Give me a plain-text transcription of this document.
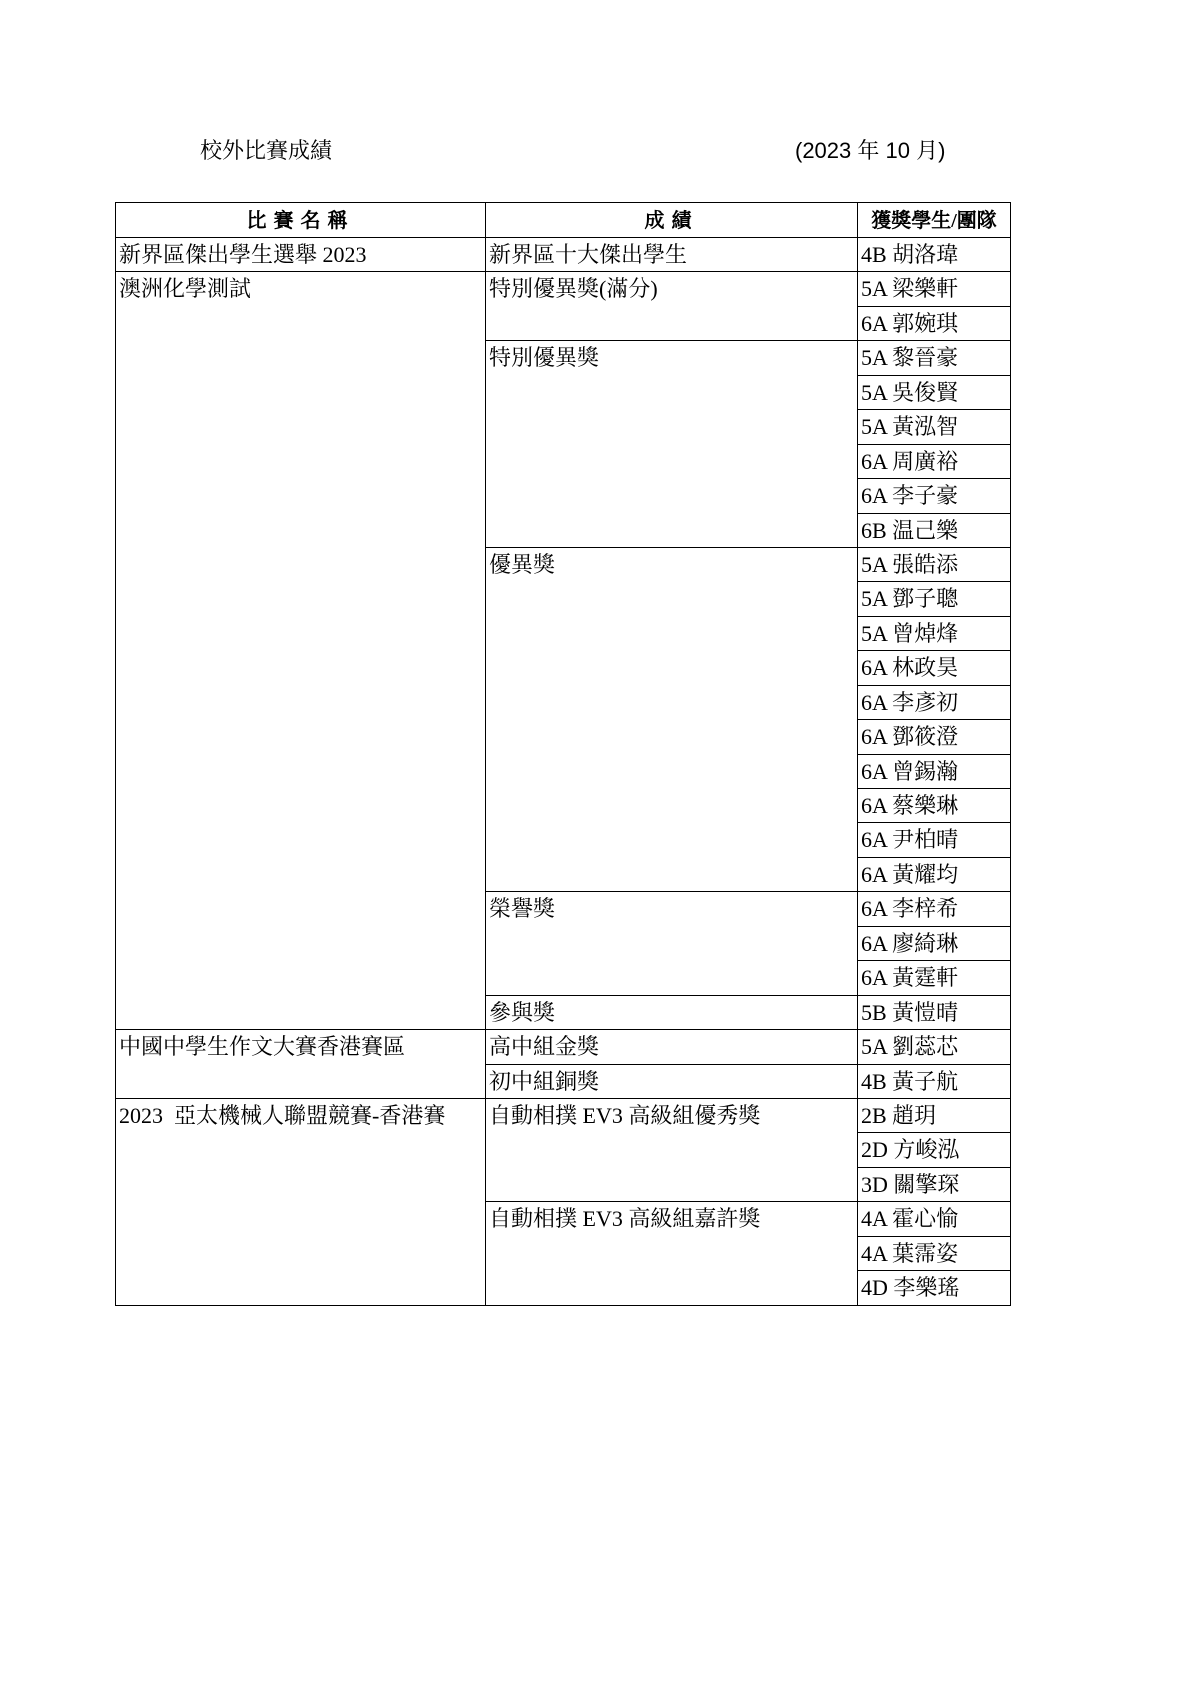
校外比賽成績	(2023 年 10 月)
比賽名稱	成績	獲獎學生/團隊
新界區傑出學生選舉 2023	新界區十大傑出學生	4B 胡洛瑋
澳洲化學測試	特別優異獎(滿分)	5A 梁樂軒
		6A 郭婉琪
	特別優異獎	5A 黎晉豪
		5A 吳俊賢
		5A 黃泓智
		6A 周廣裕
		6A 李子豪
		6B 温己樂
	優異獎	5A 張皓添
		5A 鄧子聰
		5A 曾焯烽
		6A 林政昊
		6A 李彥初
		6A 鄧筱澄
		6A 曾錫瀚
		6A 蔡樂琳
		6A 尹柏晴
		6A 黃耀均
	榮譽獎	6A 李梓希
		6A 廖綺琳
		6A 黃霆軒
	參與獎	5B 黃愷晴
中國中學生作文大賽香港賽區	高中組金獎	5A 劉蕊芯
	初中組銅獎	4B 黃子航
2023  亞太機械人聯盟競賽-香港賽	自動相撲 EV3 高級組優秀獎	2B 趙玥
		2D 方峻泓
		3D 關擎琛
	自動相撲 EV3 高級組嘉許獎	4A 霍心愉
		4A 葉霈姿
		4D 李樂瑤
